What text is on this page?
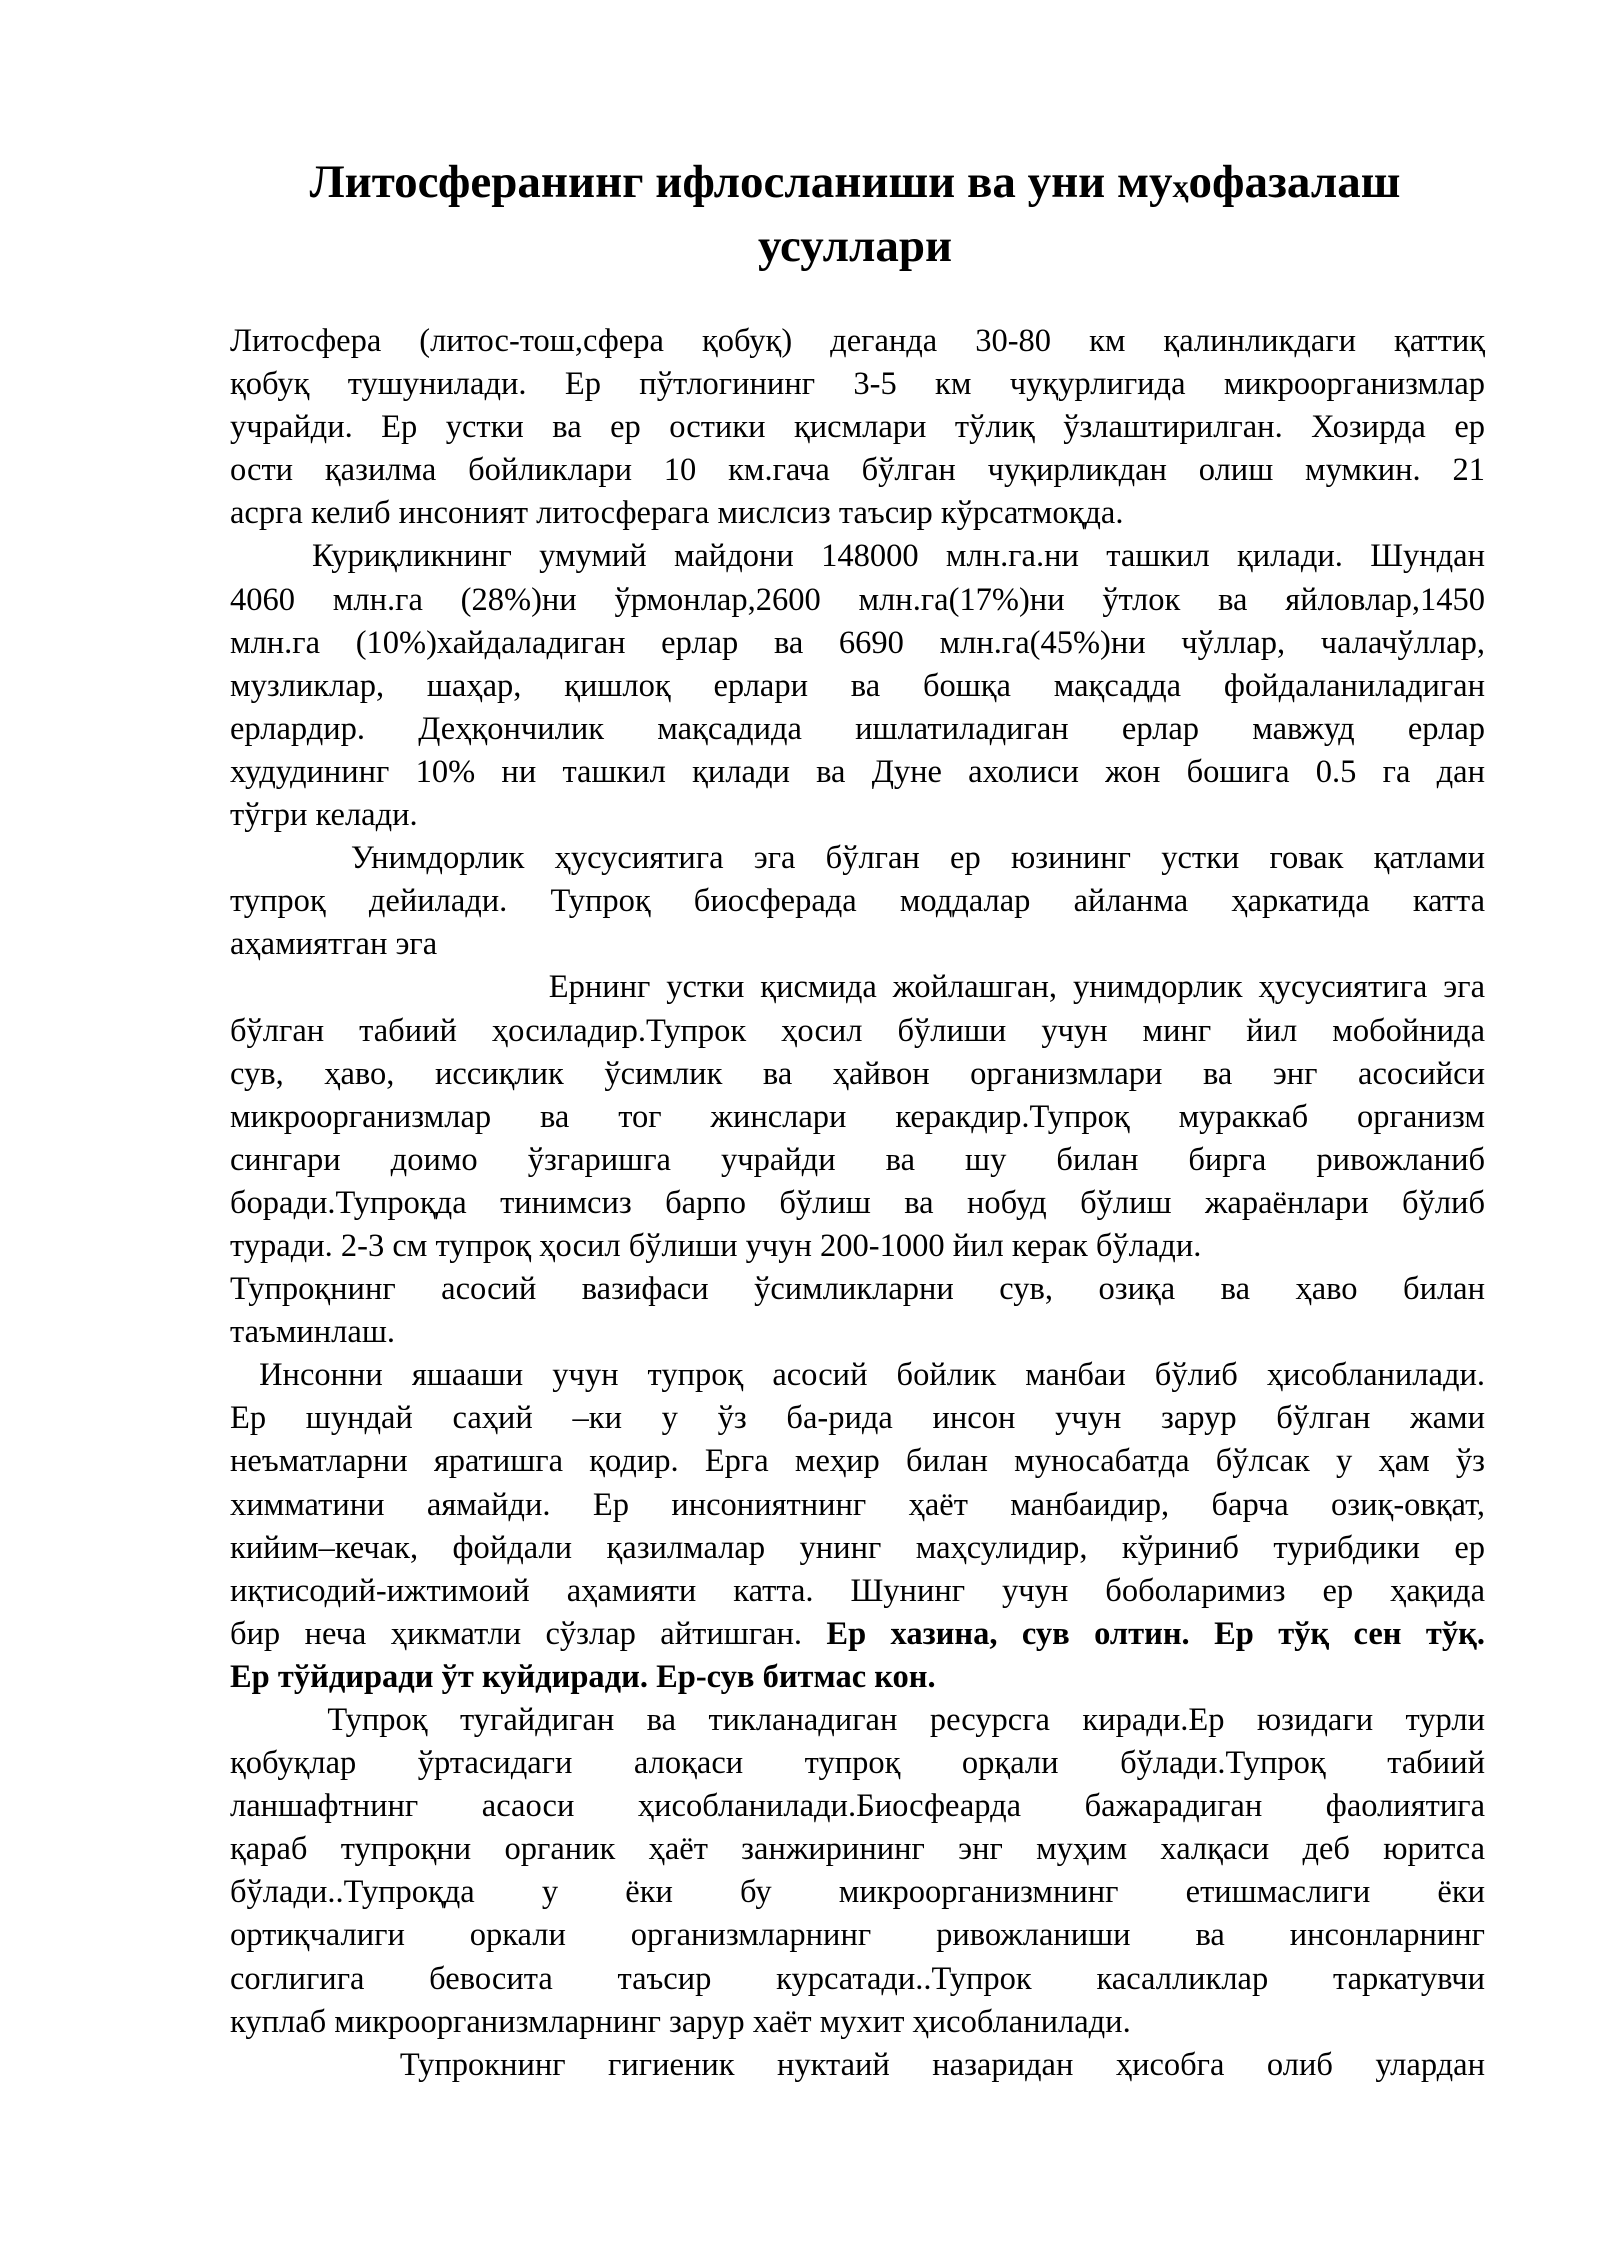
Литосферанинг ифлосланиши ва уни муҳофазалаш
усуллари

Литосфера (литос-тош,сфера қобуқ) деганда 30-80 км қалинликдаги қаттиқ
қобуқ тушунилади. Ер пўтлогининг 3-5 км чуқурлигида микроорганизмлар
учрайди. Ер устки ва ер остики қисмлари тўлиқ ўзлаштирилган. Хозирда ер
ости қазилма бойликлари 10 км.гача бўлган чуқирликдан олиш мумкин. 21
асрга келиб инсоният литосферага мислсиз таъсир кўрсатмоқда.

Куриқликнинг умумий майдони 148000 млн.га.ни ташкил қилади. Шундан
4060 млн.га (28%)ни ўрмонлар,2600 млн.га(17%)ни ўтлок ва яйловлар,1450
млн.га (10%)хайдаладиган ерлар ва 6690 млн.га(45%)ни чўллар, чалачўллар,
музликлар, шаҳар, қишлоқ ерлари ва бошқа мақсадда фойдаланиладиган
ерлардир. Деҳқончилик мақсадида ишлатиладиган ерлар мавжуд ерлар
худудининг 10% ни ташкил қилади ва Дуне ахолиси жон бошига 0.5 га дан
тўгри келади.

Унимдорлик ҳусусиятига эга бўлган ер юзининг устки говак қатлами
тупроқ дейилади. Тупроқ биосферада моддалар айланма ҳаркатида катта
аҳамиятган эга

Ернинг устки қисмида жойлашган, унимдорлик ҳусусиятига эга
бўлган табиий ҳосиладир.Тупрок ҳосил бўлиши учун минг йил мобойнида
сув, ҳаво, иссиқлик ўсимлик ва ҳайвон организмлари ва энг асосийси
микроорганизмлар ва тог жинслари керакдир.Тупроқ мураккаб организм
сингари доимо ўзгаришга учрайди ва шу билан бирга ривожланиб
боради.Тупроқда тинимсиз барпо бўлиш ва нобуд бўлиш жараёнлари бўлиб
туради. 2-3 см тупроқ ҳосил бўлиши учун 200-1000 йил керак бўлади.

Тупроқнинг асосий вазифаси ўсимликларни сув, озиқа ва ҳаво билан
таъминлаш.

Инсонни яшааши учун тупроқ асосий бойлик манбаи бўлиб ҳисобланилади.
Ер шундай саҳий –ки у ўз ба-рида инсон учун зарур бўлган жами
неъматларни яратишга қодир. Ерга меҳир билан муносабатда бўлсак у ҳам ўз
химматини аямайди. Ер инсониятнинг ҳаёт манбаидир, барча озиқ-овқат,
кийим–кечак, фойдали қазилмалар унинг маҳсулидир, кўриниб турибдики ер
иқтисодий-ижтимоий аҳамияти катта. Шунинг учун боболаримиз ер ҳақида
бир неча ҳикматли сўзлар айтишган. Ер хазина, сув олтин. Ер тўқ сен тўқ.
Ер тўйдиради ўт куйдиради. Ер-сув битмас кон.

Тупроқ тугайдиган ва тикланадиган ресурсга киради.Ер юзидаги турли
қобуқлар ўртасидаги алоқаси тупроқ орқали бўлади.Тупроқ табиий
ланшафтнинг асаоси ҳисобланилади.Биосфеарда бажарадиган фаолиятига
қараб тупроқни органик ҳаёт занжирининг энг муҳим халқаси деб юритса
бўлади..Тупроқда у ёки бу микроорганизмнинг етишмаслиги ёки
ортиқчалиги оркали организмларнинг ривожланиши ва инсонларнинг
соглигига бевосита таъсир курсатади..Тупрок касалликлар таркатувчи
куплаб микроорганизмларнинг зарур хаёт мухит ҳисобланилади.

Тупрокнинг гигиеник нуктаий назаридан ҳисобга олиб улардан
